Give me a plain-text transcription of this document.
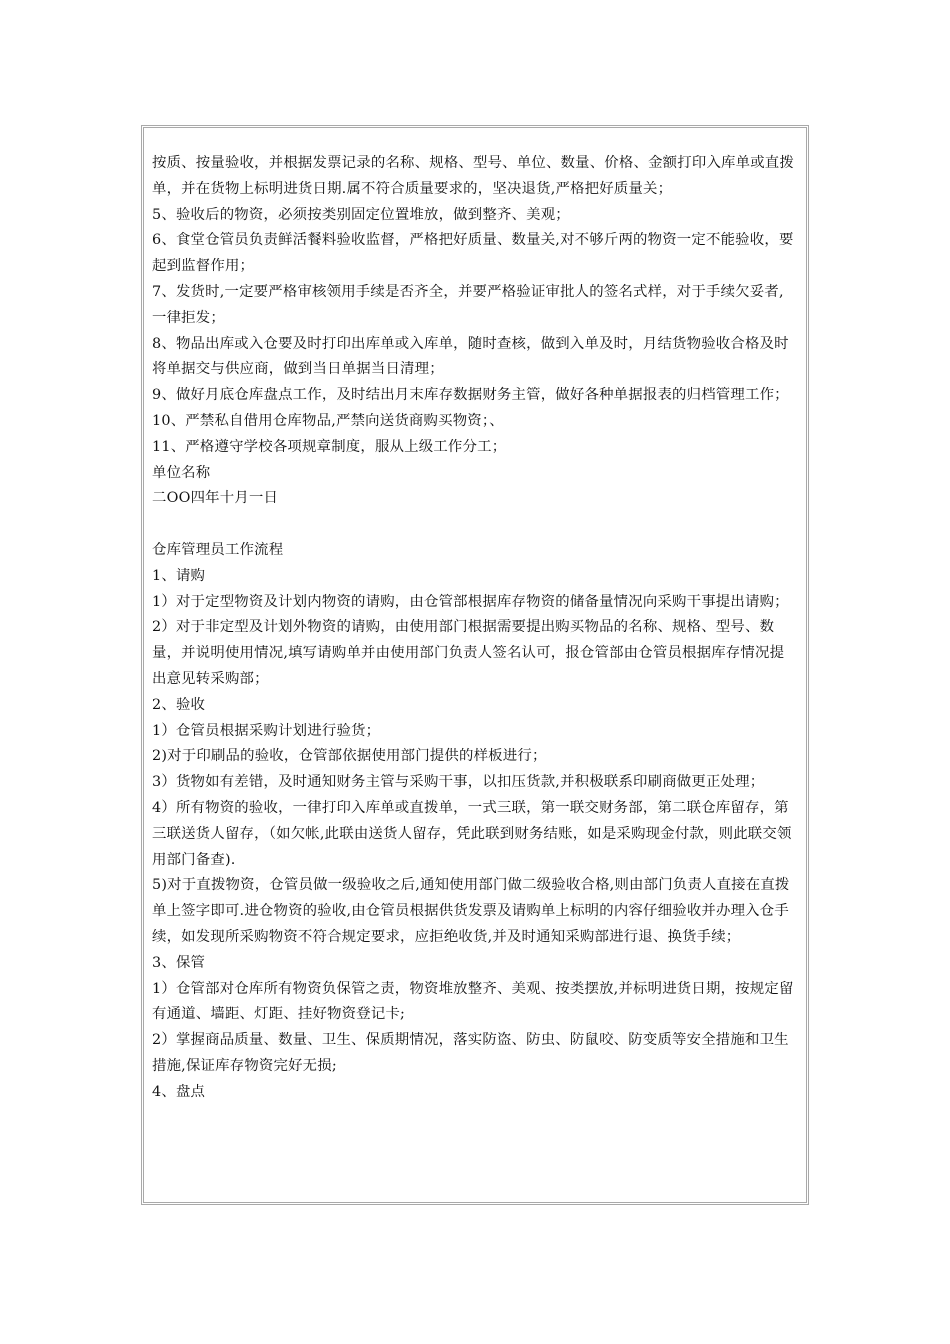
按质、按量验收，并根据发票记录的名称、规格、型号、单位、数量、价格、金额打印入库单或直拨单，并在货物上标明进货日期.属不符合质量要求的，坚决退货,严格把好质量关；
5、验收后的物资，必须按类别固定位置堆放，做到整齐、美观；
6、食堂仓管员负责鲜活餐料验收监督，严格把好质量、数量关,对不够斤两的物资一定不能验收，要起到监督作用；
7、发货时,一定要严格审核领用手续是否齐全，并要严格验证审批人的签名式样，对于手续欠妥者,一律拒发；
8、物品出库或入仓要及时打印出库单或入库单，随时查核，做到入单及时，月结货物验收合格及时将单据交与供应商，做到当日单据当日清理；
9、做好月底仓库盘点工作，及时结出月末库存数据财务主管，做好各种单据报表的归档管理工作；
10、严禁私自借用仓库物品,严禁向送货商购买物资；、
11、严格遵守学校各项规章制度，服从上级工作分工；
单位名称
二OO四年十月一日
仓库管理员工作流程
1、请购
1）对于定型物资及计划内物资的请购，由仓管部根据库存物资的储备量情况向采购干事提出请购；
2）对于非定型及计划外物资的请购，由使用部门根据需要提出购买物品的名称、规格、型号、数量，并说明使用情况,填写请购单并由使用部门负责人签名认可，报仓管部由仓管员根据库存情况提出意见转采购部；
2、验收
1）仓管员根据采购计划进行验货；
2)对于印刷品的验收，仓管部依据使用部门提供的样板进行；
3）货物如有差错，及时通知财务主管与采购干事，以扣压货款,并积极联系印刷商做更正处理；
4）所有物资的验收，一律打印入库单或直拨单，一式三联，第一联交财务部，第二联仓库留存，第三联送货人留存，（如欠帐,此联由送货人留存，凭此联到财务结账，如是采购现金付款，则此联交领用部门备查).
5)对于直拨物资，仓管员做一级验收之后,通知使用部门做二级验收合格,则由部门负责人直接在直拨单上签字即可.进仓物资的验收,由仓管员根据供货发票及请购单上标明的内容仔细验收并办理入仓手续，如发现所采购物资不符合规定要求，应拒绝收货,并及时通知采购部进行退、换货手续；
3、保管
1）仓管部对仓库所有物资负保管之责，物资堆放整齐、美观、按类摆放,并标明进货日期，按规定留有通道、墙距、灯距、挂好物资登记卡;
2）掌握商品质量、数量、卫生、保质期情况，落实防盗、防虫、防鼠咬、防变质等安全措施和卫生措施,保证库存物资完好无损;
4、盘点
